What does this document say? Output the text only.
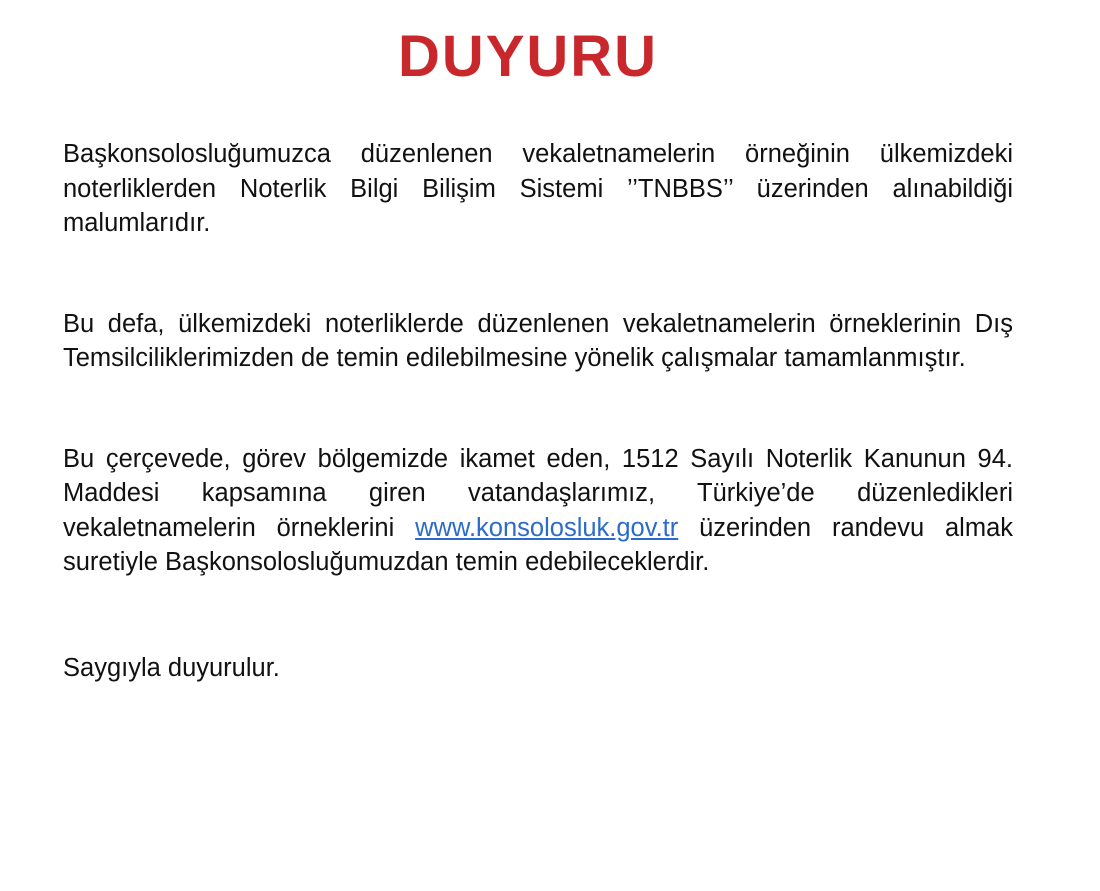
DUYURU

Başkonsolosluğumuzca düzenlenen vekaletnamelerin örneğinin ülkemizdeki noterliklerden Noterlik Bilgi Bilişim Sistemi ’’TNBBS’’ üzerinden alınabildiği malumlarıdır.

Bu defa, ülkemizdeki noterliklerde düzenlenen vekaletnamelerin örneklerinin Dış Temsilciliklerimizden de temin edilebilmesine yönelik çalışmalar tamamlanmıştır.

Bu çerçevede, görev bölgemizde ikamet eden, 1512 Sayılı Noterlik Kanunun 94. Maddesi kapsamına giren vatandaşlarımız, Türkiye’de düzenledikleri vekaletnamelerin örneklerini www.konsolosluk.gov.tr üzerinden randevu almak suretiyle Başkonsolosluğumuzdan temin edebileceklerdir.

Saygıyla duyurulur.
